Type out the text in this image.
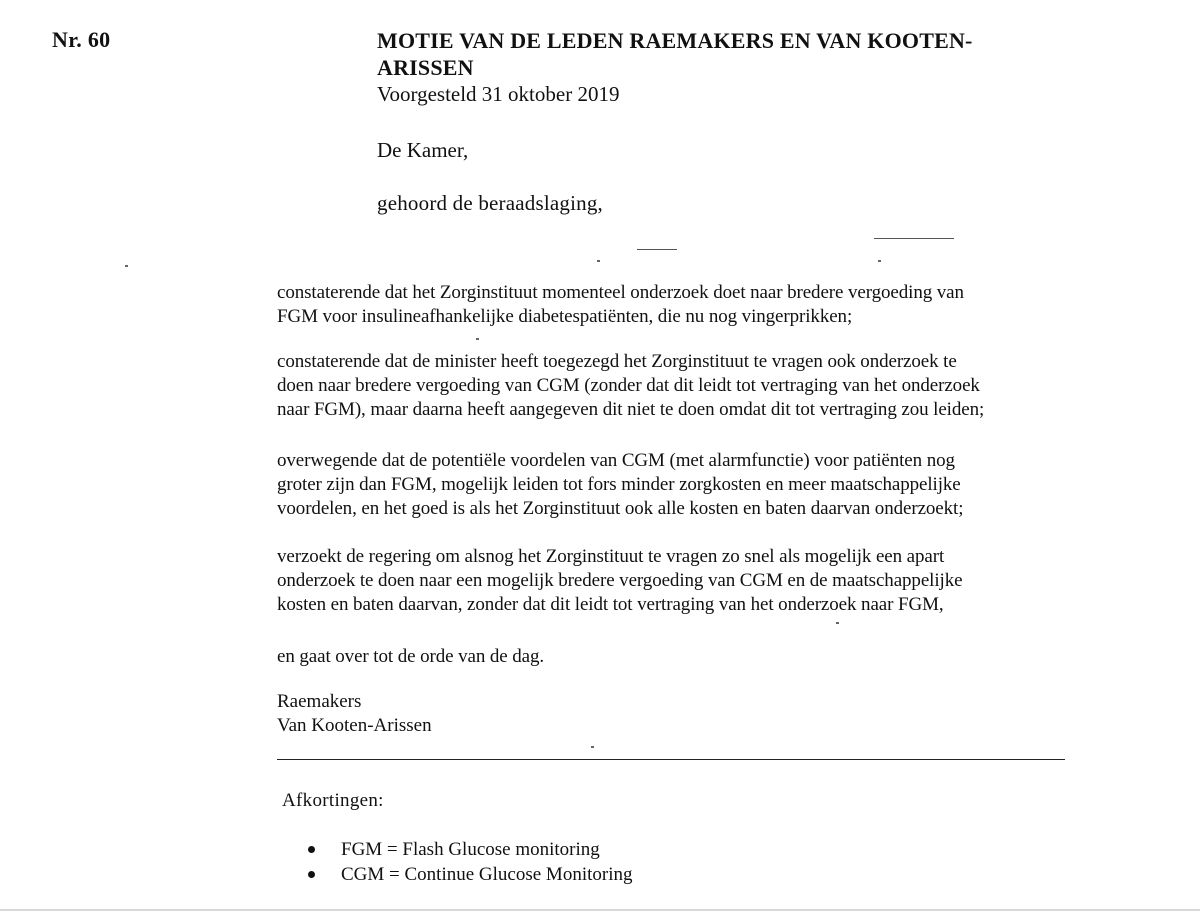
Nr. 60	MOTIE VAN DE LEDEN RAEMAKERS EN VAN KOOTEN-
ARISSEN
Voorgesteld 31 oktober 2019
De Kamer,
gehoord de beraadslaging,
constaterende dat het Zorginstituut momenteel onderzoek doet naar bredere vergoeding van
FGM voor insulineafhankelijke diabetespatiënten, die nu nog vingerprikken;
constaterende dat de minister heeft toegezegd het Zorginstituut te vragen ook onderzoek te
doen naar bredere vergoeding van CGM (zonder dat dit leidt tot vertraging van het onderzoek
naar FGM), maar daarna heeft aangegeven dit niet te doen omdat dit tot vertraging zou leiden;
overwegende dat de potentiële voordelen van CGM (met alarmfunctie) voor patiënten nog
groter zijn dan FGM, mogelijk leiden tot fors minder zorgkosten en meer maatschappelijke
voordelen, en het goed is als het Zorginstituut ook alle kosten en baten daarvan onderzoekt;
verzoekt de regering om alsnog het Zorginstituut te vragen zo snel als mogelijk een apart
onderzoek te doen naar een mogelijk bredere vergoeding van CGM en de maatschappelijke
kosten en baten daarvan, zonder dat dit leidt tot vertraging van het onderzoek naar FGM,
en gaat over tot de orde van de dag.
Raemakers
Van Kooten-Arissen
Afkortingen:
FGM = Flash Glucose monitoring
CGM = Continue Glucose Monitoring
